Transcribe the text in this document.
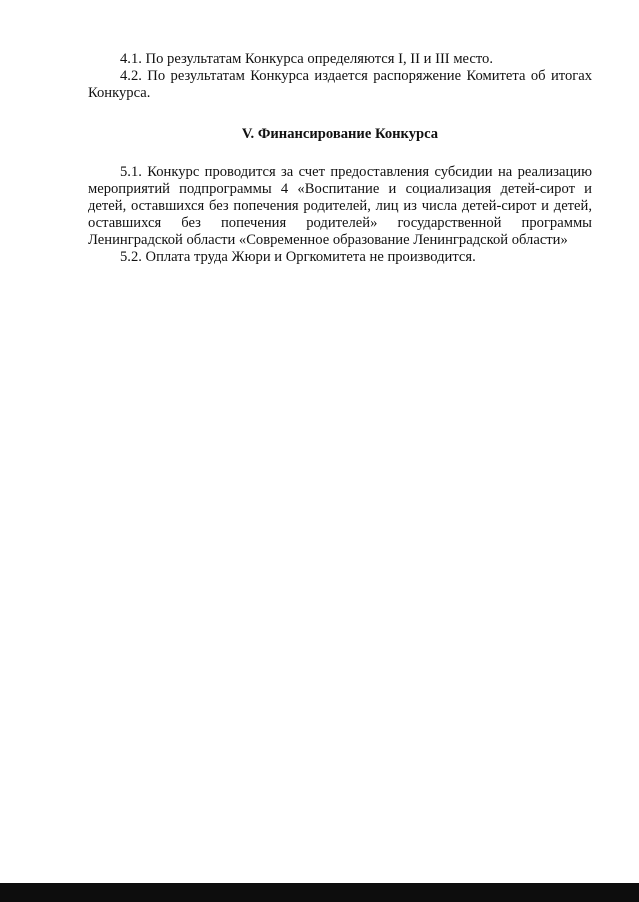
4.1. По результатам Конкурса определяются I, II и III место.

4.2. По результатам Конкурса издается распоряжение Комитета об итогах Конкурса.

V. Финансирование Конкурса

5.1. Конкурс проводится за счет предоставления субсидии на реализацию мероприятий подпрограммы 4 «Воспитание и социализация детей-сирот и детей, оставшихся без попечения родителей, лиц из числа детей-сирот и детей, оставшихся без попечения родителей» государственной программы Ленинградской области «Современное образование Ленинградской области»

5.2. Оплата труда Жюри и Оргкомитета не производится.
